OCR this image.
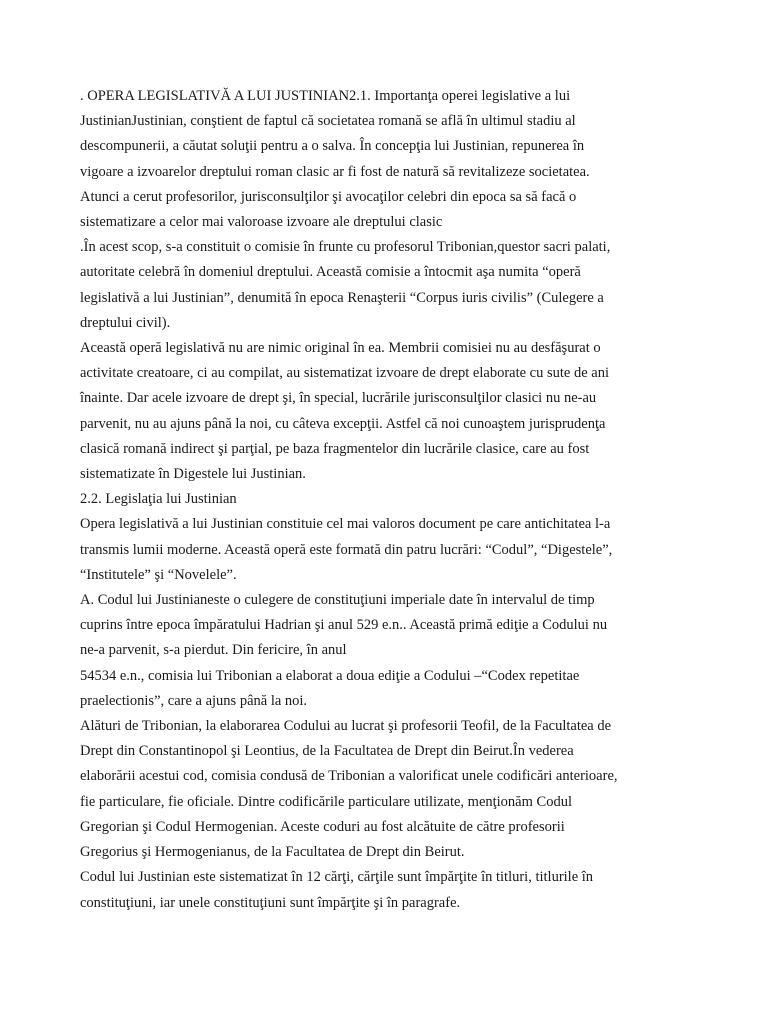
. OPERA LEGISLATIVĂ A LUI JUSTINIAN2.1. Importanţa operei legislative a lui
JustinianJustinian, conştient de faptul că societatea romană se află în ultimul stadiu al
descompunerii, a căutat soluţii pentru a o salva. În concepţia lui Justinian, repunerea în
vigoare a izvoarelor dreptului roman clasic ar fi fost de natură să revitalizeze societatea.
Atunci a cerut profesorilor, jurisconsulţilor şi avocaţilor celebri din epoca sa să facă o
sistematizare a celor mai valoroase izvoare ale dreptului clasic

.În acest scop, s-a constituit o comisie în frunte cu profesorul Tribonian,questor sacri palati,
autoritate celebră în domeniul dreptului. Această comisie a întocmit aşa numita “operă
legislativă a lui Justinian”, denumită în epoca Renaşterii “Corpus iuris civilis” (Culegere a
dreptului civil).

Această operă legislativă nu are nimic original în ea. Membrii comisiei nu au desfăşurat o
activitate creatoare, ci au compilat, au sistematizat izvoare de drept elaborate cu sute de ani
înainte. Dar acele izvoare de drept şi, în special, lucrările jurisconsulţilor clasici nu ne-au
parvenit, nu au ajuns până la noi, cu câteva excepţii. Astfel că noi cunoaştem jurisprudenţa
clasică romană indirect şi parţial, pe baza fragmentelor din lucrările clasice, care au fost
sistematizate în Digestele lui Justinian.

2.2. Legislaţia lui Justinian

Opera legislativă a lui Justinian constituie cel mai valoros document pe care antichitatea l-a
transmis lumii moderne. Această operă este formată din patru lucrări: “Codul”, “Digestele”,
“Institutele” şi “Novelele”.

A. Codul lui Justinianeste o culegere de constituţiuni imperiale date în intervalul de timp
cuprins între epoca împăratului Hadrian şi anul 529 e.n.. Această primă ediţie a Codului nu
ne-a parvenit, s-a pierdut. Din fericire, în anul

54534 e.n., comisia lui Tribonian a elaborat a doua ediţie a Codului –“Codex repetitae
praelectionis”, care a ajuns până la noi.

Alături de Tribonian, la elaborarea Codului au lucrat şi profesorii Teofil, de la Facultatea de
Drept din Constantinopol şi Leontius, de la Facultatea de Drept din Beirut.În vederea
elaborării acestui cod, comisia condusă de Tribonian a valorificat unele codificări anterioare,
fie particulare, fie oficiale. Dintre codificările particulare utilizate, menţionăm Codul
Gregorian şi Codul Hermogenian. Aceste coduri au fost alcătuite de către profesorii
Gregorius şi Hermogenianus, de la Facultatea de Drept din Beirut.

Codul lui Justinian este sistematizat în 12 cărţi, cărţile sunt împărţite în titluri, titlurile în
constituţiuni, iar unele constituţiuni sunt împărţite şi în paragrafe.
